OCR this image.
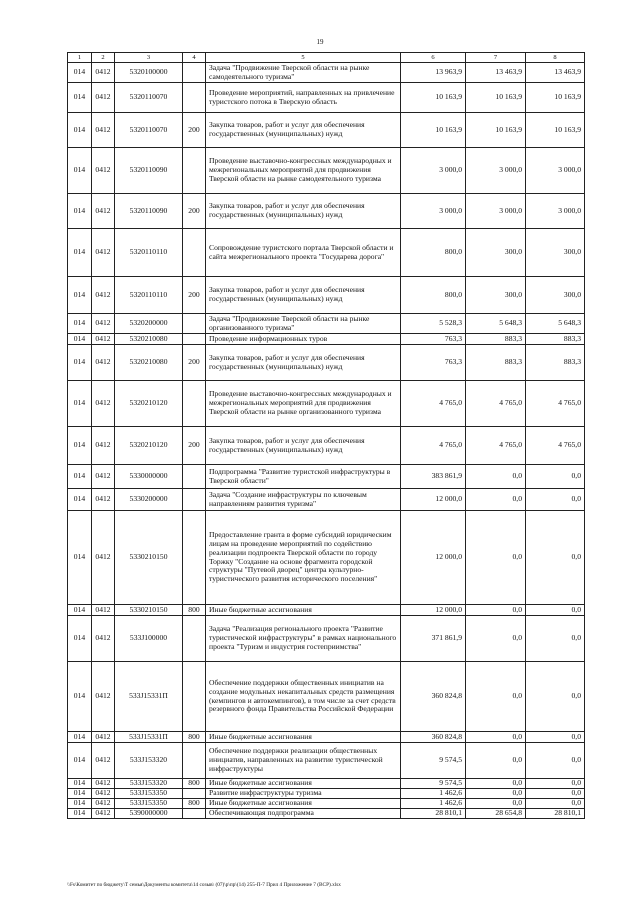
19
1	2	3	4	5	6	7	8
014	0412	5320100000		Задача "Продвижение Тверской области на рынке самодеятельного туризма"	13 963,9	13 463,9	13 463,9
014	0412	5320110070		Проведение мероприятий, направленных на привлечение туристского потока в Тверскую область	10 163,9	10 163,9	10 163,9
014	0412	5320110070	200	Закупка товаров, работ и услуг для обеспечения государственных (муниципальных) нужд	10 163,9	10 163,9	10 163,9
014	0412	5320110090		Проведение выставочно-конгрессных международных и межрегиональных мероприятий для продвижения Тверской области на рынке самодеятельного туризма	3 000,0	3 000,0	3 000,0
014	0412	5320110090	200	Закупка товаров, работ и услуг для обеспечения государственных (муниципальных) нужд	3 000,0	3 000,0	3 000,0
014	0412	5320110110		Сопровождение туристского портала Тверской области и сайта межрегионального проекта "Государева дорога"	800,0	300,0	300,0
014	0412	5320110110	200	Закупка товаров, работ и услуг для обеспечения государственных (муниципальных) нужд	800,0	300,0	300,0
014	0412	5320200000		Задача "Продвижение Тверской области на рынке организованного туризма"	5 528,3	5 648,3	5 648,3
014	0412	5320210080		Проведение информационных туров	763,3	883,3	883,3
014	0412	5320210080	200	Закупка товаров, работ и услуг для обеспечения государственных (муниципальных) нужд	763,3	883,3	883,3
014	0412	5320210120		Проведение выставочно-конгрессных международных и межрегиональных мероприятий для продвижения Тверской области на рынке организованного туризма	4 765,0	4 765,0	4 765,0
014	0412	5320210120	200	Закупка товаров, работ и услуг для обеспечения государственных (муниципальных) нужд	4 765,0	4 765,0	4 765,0
014	0412	5330000000		Подпрограмма "Развитие туристской инфраструктуры в Тверской области"	383 861,9	0,0	0,0
014	0412	5330200000		Задача "Создание инфраструктуры по ключевым направлениям развития туризма"	12 000,0	0,0	0,0
014	0412	5330210150		Предоставление гранта в форме субсидий юридическим лицам на проведение мероприятий по содействию реализации подпроекта Тверской области по городу Торжку "Создание на основе фрагмента городской структуры "Путевой дворец" центра культурно-туристического развития исторического поселения"	12 000,0	0,0	0,0
014	0412	5330210150	800	Иные бюджетные ассигнования	12 000,0	0,0	0,0
014	0412	533J100000		Задача "Реализация регионального проекта "Развитие туристической инфраструктуры" в рамках национального проекта "Туризм и индустрия гостеприимства"	371 861,9	0,0	0,0
014	0412	533J15331П		Обеспечение поддержки общественных инициатив на создание модульных некапитальных средств размещения (кемпингов и автокемпингов), в том числе за счет средств резервного фонда Правительства Российской Федерации	360 824,8	0,0	0,0
014	0412	533J15331П	800	Иные бюджетные ассигнования	360 824,8	0,0	0,0
014	0412	533J153320		Обеспечение поддержки реализации общественных инициатив, направленных на развитие туристической инфраструктуры	9 574,5	0,0	0,0
014	0412	533J153320	800	Иные бюджетные ассигнования	9 574,5	0,0	0,0
014	0412	533J153350		Развитие инфраструктуры туризма	1 462,6	0,0	0,0
014	0412	533J153350	800	Иные бюджетные ассигнования	1 462,6	0,0	0,0
014	0412	5390000000		Обеспечивающая подпрограмма	28 810,1	28 654,8	28 810,1
\\Fs\Комитет по бюджету\Т семья\Документы комитета\14 созыв\ (07)\p\пр\(14) 255-П-7 Прил 4 Приложение 7 (ВСР).xlsx
